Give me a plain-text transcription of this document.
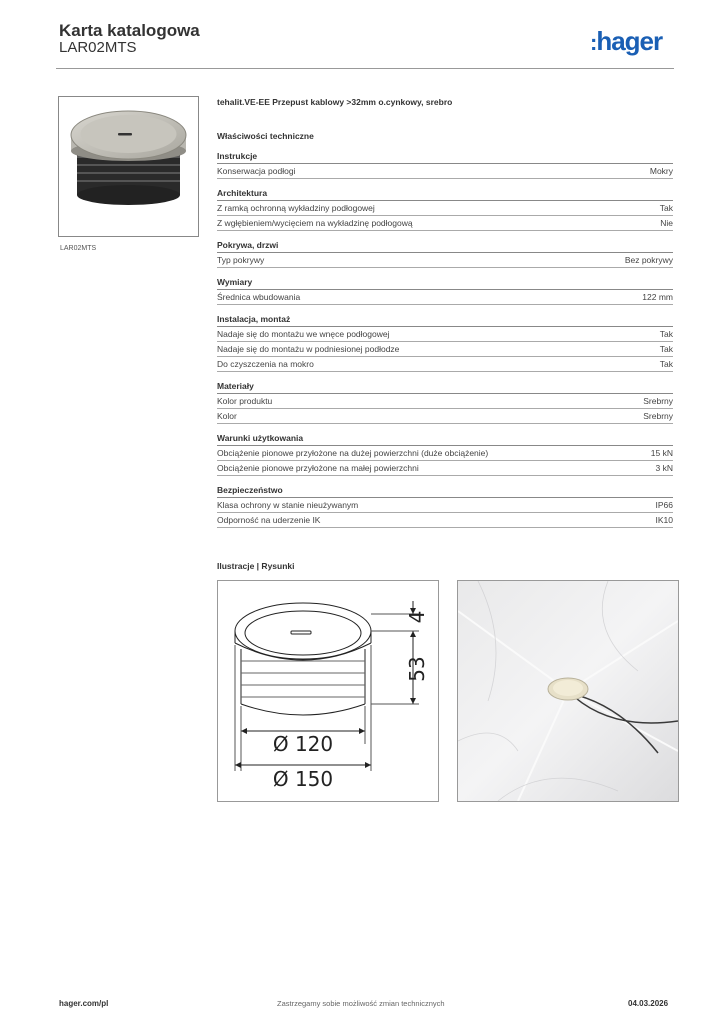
Karta katalogowa
LAR02MTS	:hager
LAR02MTS
tehalit.VE-EE Przepust kablowy >32mm o.cynkowy, srebro
Właściwości techniczne
Instrukcje
Konserwacja podłogi	Mokry
Architektura
Z ramką ochronną wykładziny podłogowej	Tak
Z wgłębieniem/wycięciem na wykładzinę podłogową	Nie
Pokrywa, drzwi
Typ pokrywy	Bez pokrywy
Wymiary
Średnica wbudowania	122 mm
Instalacja, montaż
Nadaje się do montażu we wnęce podłogowej	Tak
Nadaje się do montażu w podniesionej podłodze	Tak
Do czyszczenia na mokro	Tak
Materiały
Kolor produktu	Srebrny
Kolor	Srebrny
Warunki użytkowania
Obciążenie pionowe przyłożone na dużej powierzchni (duże obciążenie)	15 kN
Obciążenie pionowe przyłożone na małej powierzchni	3 kN
Bezpieczeństwo
Klasa ochrony w stanie nieużywanym	IP66
Odporność na uderzenie IK	IK10
Ilustracje | Rysunki
4
53
Ø 120
Ø 150
hager.com/pl	Zastrzegamy sobie możliwość zmian technicznych	04.03.2026
